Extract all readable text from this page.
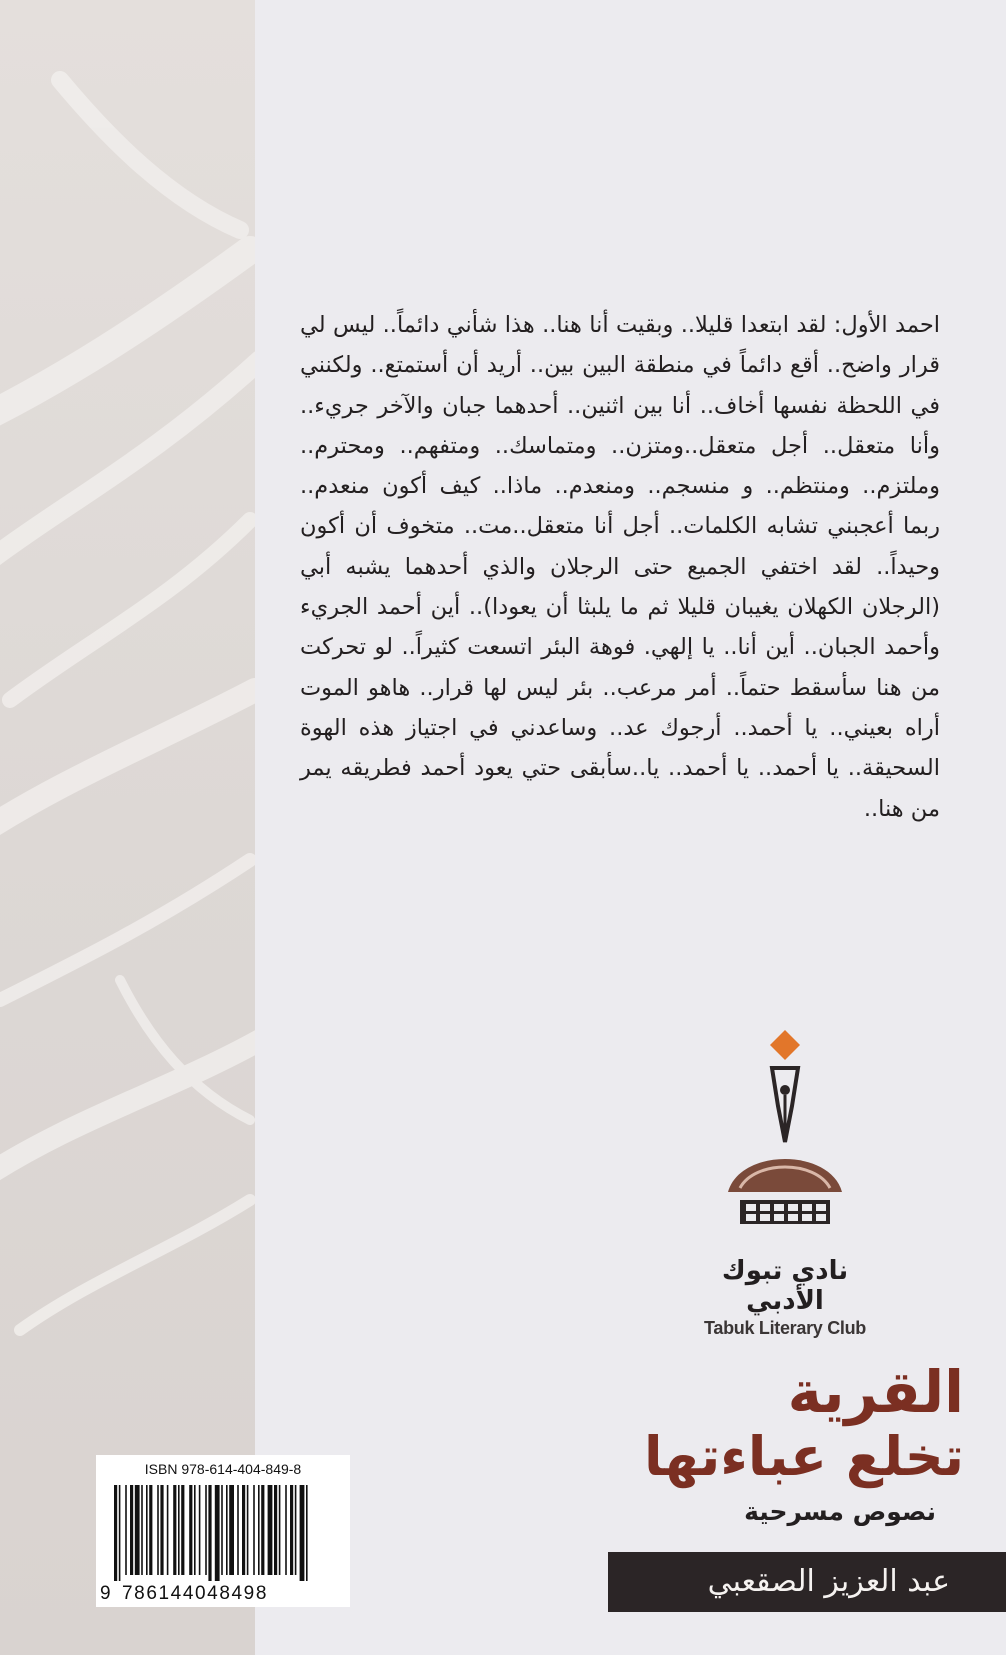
احمد الأول: لقد ابتعدا قليلا.. وبقيت أنا هنا.. هذا شأني دائماً.. ليس لي قرار واضح.. أقع دائماً في منطقة البين بين.. أريد أن أستمتع.. ولكنني في اللحظة نفسها أخاف.. أنا بين اثنين.. أحدهما جبان والآخر جريء.. وأنا متعقل.. أجل متعقل..ومتزن.. ومتماسك.. ومتفهم.. ومحترم.. وملتزم.. ومنتظم.. و منسجم.. ومنعدم.. ماذا.. كيف أكون منعدم.. ربما أعجبني تشابه الكلمات.. أجل أنا متعقل..مت.. متخوف أن أكون وحيداً.. لقد اختفي الجميع حتى الرجلان والذي أحدهما يشبه أبي (الرجلان الكهلان يغيبان قليلا ثم ما يلبثا أن يعودا).. أين أحمد الجريء وأحمد الجبان.. أين أنا.. يا إلهي. فوهة البئر اتسعت كثيراً.. لو تحركت من هنا سأسقط حتماً.. أمر مرعب.. بئر ليس لها قرار.. هاهو الموت أراه بعيني.. يا أحمد.. أرجوك عد.. وساعدني في اجتياز هذه الهوة السحيقة.. يا أحمد.. يا أحمد.. يا..سأبقى حتي يعود أحمد فطريقه يمر من هنا..

نادي تبوك الأدبي
Tabuk Literary Club
القرية
تخلع عباءتها
نصوص مسرحية
عبد العزيز الصقعبي
ISBN 978-614-404-849-8
9 786144048498
